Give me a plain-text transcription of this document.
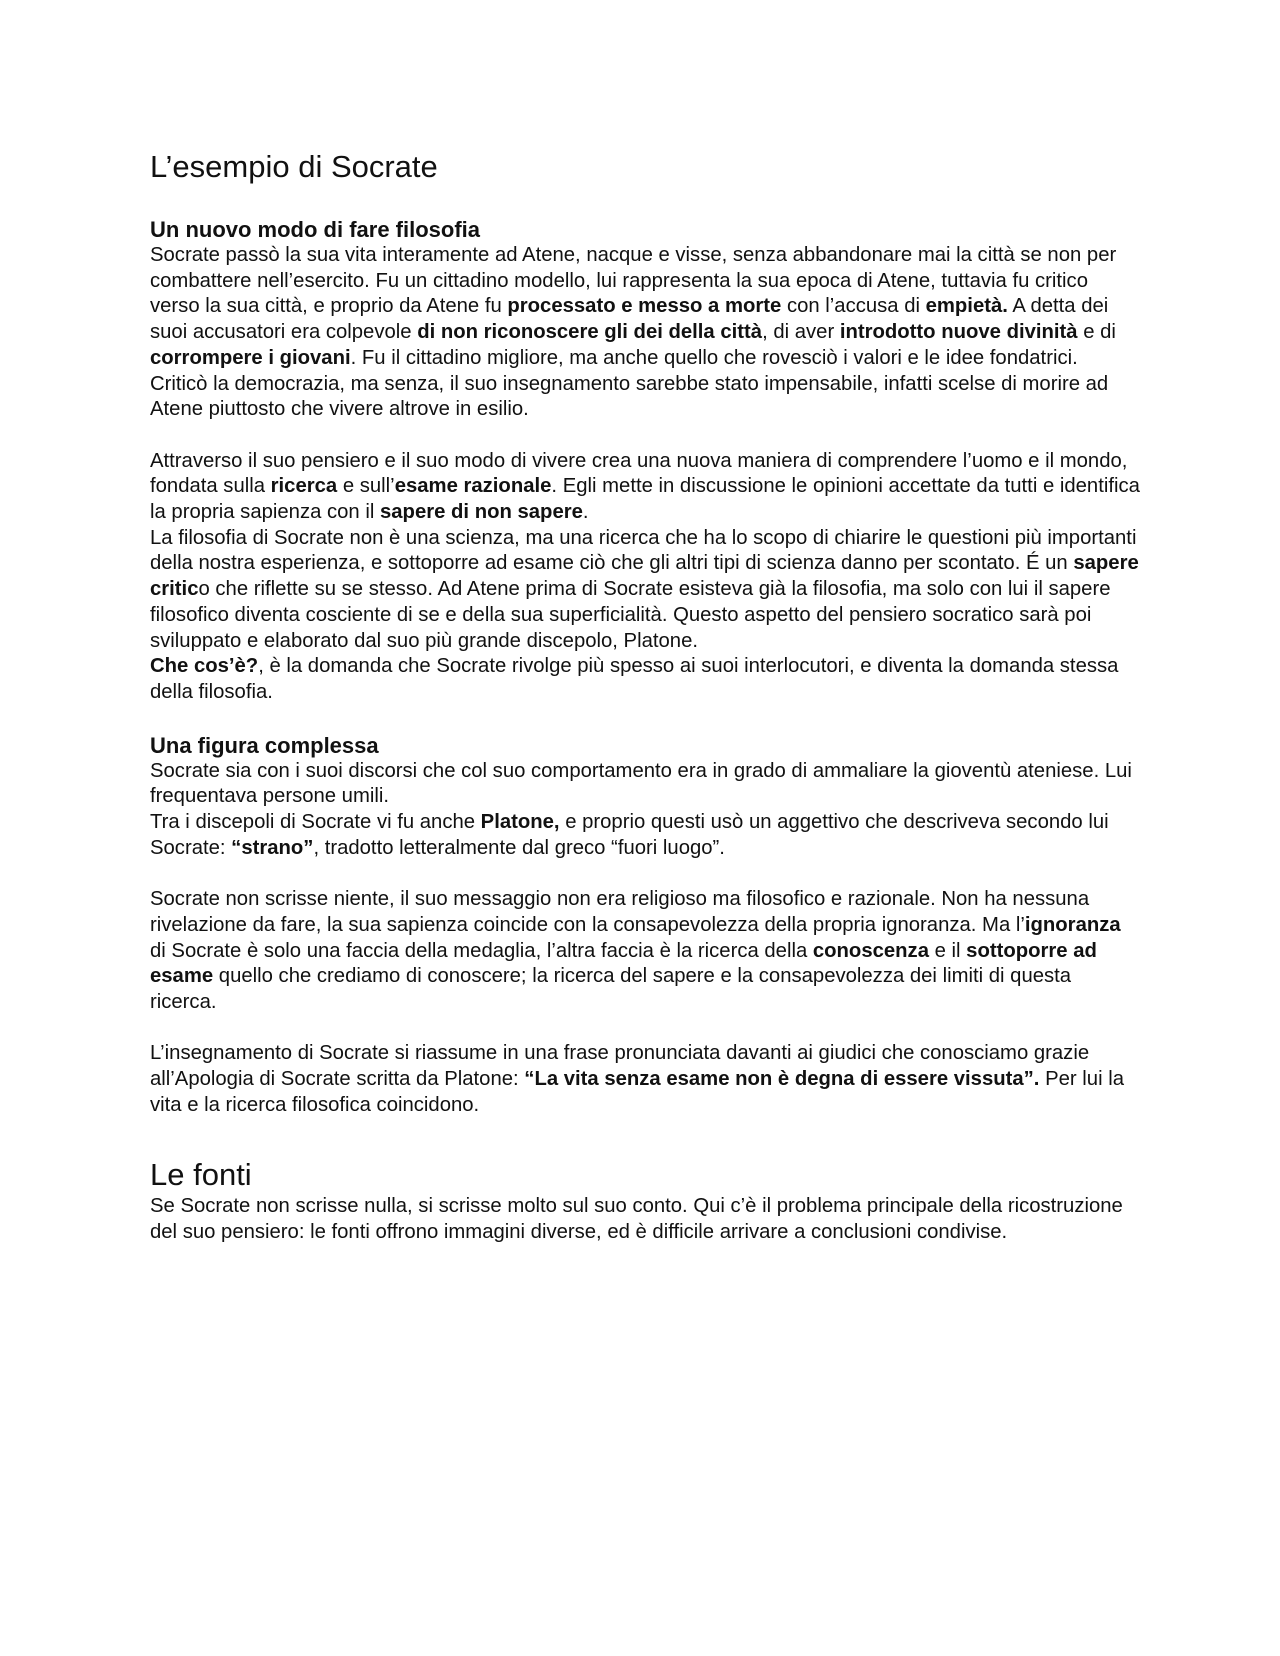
L’esempio di Socrate
Un nuovo modo di fare filosofia

Socrate passò la sua vita interamente ad Atene, nacque e visse, senza abbandonare mai la città se non per combattere nell’esercito. Fu un cittadino modello, lui rappresenta la sua epoca di Atene, tuttavia fu critico verso la sua città, e proprio da Atene fu processato e messo a morte con l’accusa di empietà. A detta dei suoi accusatori era colpevole di non riconoscere gli dei della città, di aver introdotto nuove divinità e di corrompere i giovani. Fu il cittadino migliore, ma anche quello che rovesciò i valori e le idee fondatrici. Criticò la democrazia, ma senza, il suo insegnamento sarebbe stato impensabile, infatti scelse di morire ad Atene piuttosto che vivere altrove in esilio.

Attraverso il suo pensiero e il suo modo di vivere crea una nuova maniera di comprendere l’uomo e il mondo, fondata sulla ricerca e sull’esame razionale. Egli mette in discussione le opinioni accettate da tutti e identifica la propria sapienza con il sapere di non sapere.

La filosofia di Socrate non è una scienza, ma una ricerca che ha lo scopo di chiarire le questioni più importanti della nostra esperienza, e sottoporre ad esame ciò che gli altri tipi di scienza danno per scontato. É un sapere critico che riflette su se stesso. Ad Atene prima di Socrate esisteva già la filosofia, ma solo con lui il sapere filosofico diventa cosciente di se e della sua superficialità. Questo aspetto del pensiero socratico sarà poi sviluppato e elaborato dal suo più grande discepolo, Platone.

Che cos’è?, è la domanda che Socrate rivolge più spesso ai suoi interlocutori, e diventa la domanda stessa della filosofia.

Una figura complessa

Socrate sia con i suoi discorsi che col suo comportamento era in grado di ammaliare la gioventù ateniese. Lui frequentava persone umili.

Tra i discepoli di Socrate vi fu anche Platone, e proprio questi usò un aggettivo che descriveva secondo lui Socrate: “strano”, tradotto letteralmente dal greco “fuori luogo”.

Socrate non scrisse niente, il suo messaggio non era religioso ma filosofico e razionale. Non ha nessuna rivelazione da fare, la sua sapienza coincide con la consapevolezza della propria ignoranza. Ma l’ignoranza di Socrate è solo una faccia della medaglia, l’altra faccia è la ricerca della conoscenza e il sottoporre ad esame quello che crediamo di conoscere; la ricerca del sapere e la consapevolezza dei limiti di questa ricerca.

L’insegnamento di Socrate si riassume in una frase pronunciata davanti ai giudici che conosciamo grazie all’Apologia di Socrate scritta da Platone: “La vita senza esame non è degna di essere vissuta”. Per lui la vita e la ricerca filosofica coincidono.

Le fonti

Se Socrate non scrisse nulla, si scrisse molto sul suo conto. Qui c’è il problema principale della ricostruzione del suo pensiero: le fonti offrono immagini diverse, ed è difficile arrivare a conclusioni condivise.
